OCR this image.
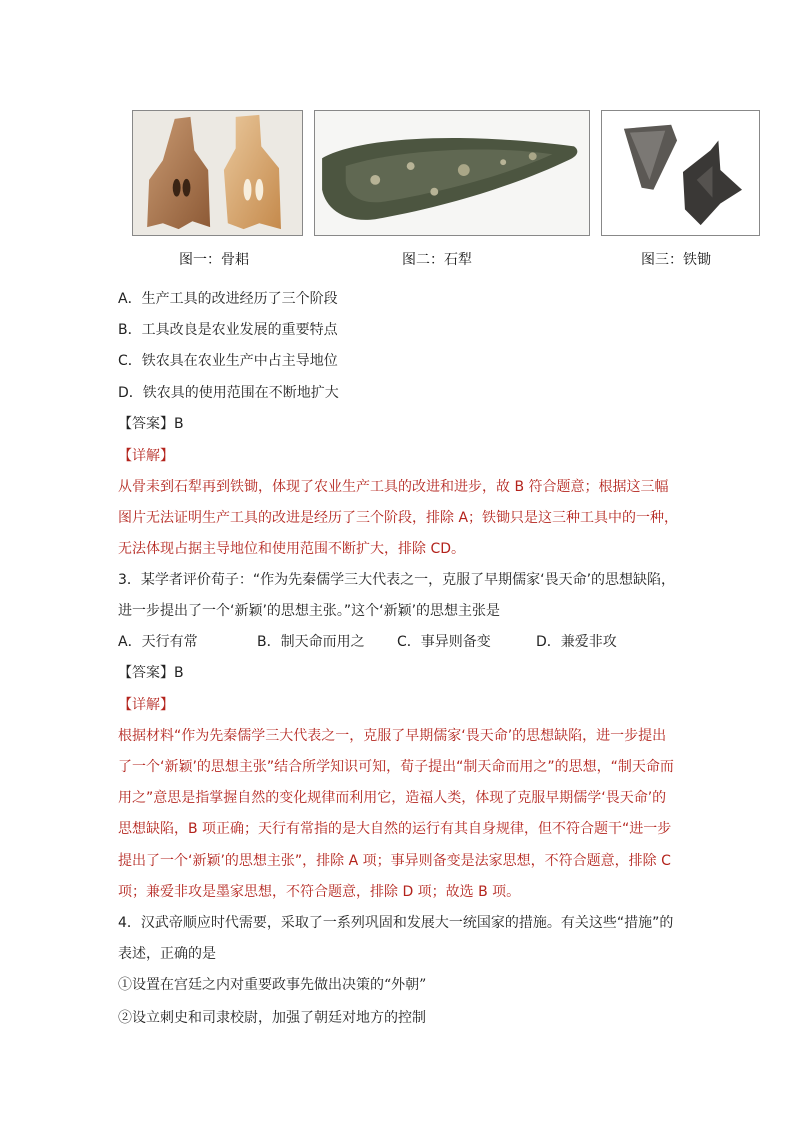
图一：骨耜	图二：石犁	图三：铁锄
A．生产工具的改进经历了三个阶段
B．工具改良是农业发展的重要特点
C．铁农具在农业生产中占主导地位
D．铁农具的使用范围在不断地扩大
【答案】B
【详解】
从骨耒到石犁再到铁锄，体现了农业生产工具的改进和进步，故 B 符合题意；根据这三幅
图片无法证明生产工具的改进是经历了三个阶段，排除 A；铁锄只是这三种工具中的一种，
无法体现占据主导地位和使用范围不断扩大，排除 CD。
3．某学者评价荀子：“作为先秦儒学三大代表之一，克服了早期儒家‘畏天命’的思想缺陷，
进一步提出了一个‘新颖’的思想主张。”这个‘新颖’的思想主张是
A．天行有常	B．制天命而用之 C．事异则备变	D．兼爱非攻
【答案】B
【详解】
根据材料“作为先秦儒学三大代表之一，克服了早期儒家‘畏天命’的思想缺陷，进一步提出
了一个‘新颖’的思想主张”结合所学知识可知，荀子提出“制天命而用之”的思想，“制天命而
用之”意思是指掌握自然的变化规律而利用它，造福人类，体现了克服早期儒学‘畏天命’的
思想缺陷，B 项正确；天行有常指的是大自然的运行有其自身规律，但不符合题干“进一步
提出了一个‘新颖’的思想主张”，排除 A 项；事异则备变是法家思想，不符合题意，排除 C
项；兼爱非攻是墨家思想，不符合题意，排除 D 项；故选 B 项。
4．汉武帝顺应时代需要，采取了一系列巩固和发展大一统国家的措施。有关这些“措施”的
表述，正确的是
①设置在宫廷之内对重要政事先做出决策的“外朝”
②设立刺史和司隶校尉，加强了朝廷对地方的控制
